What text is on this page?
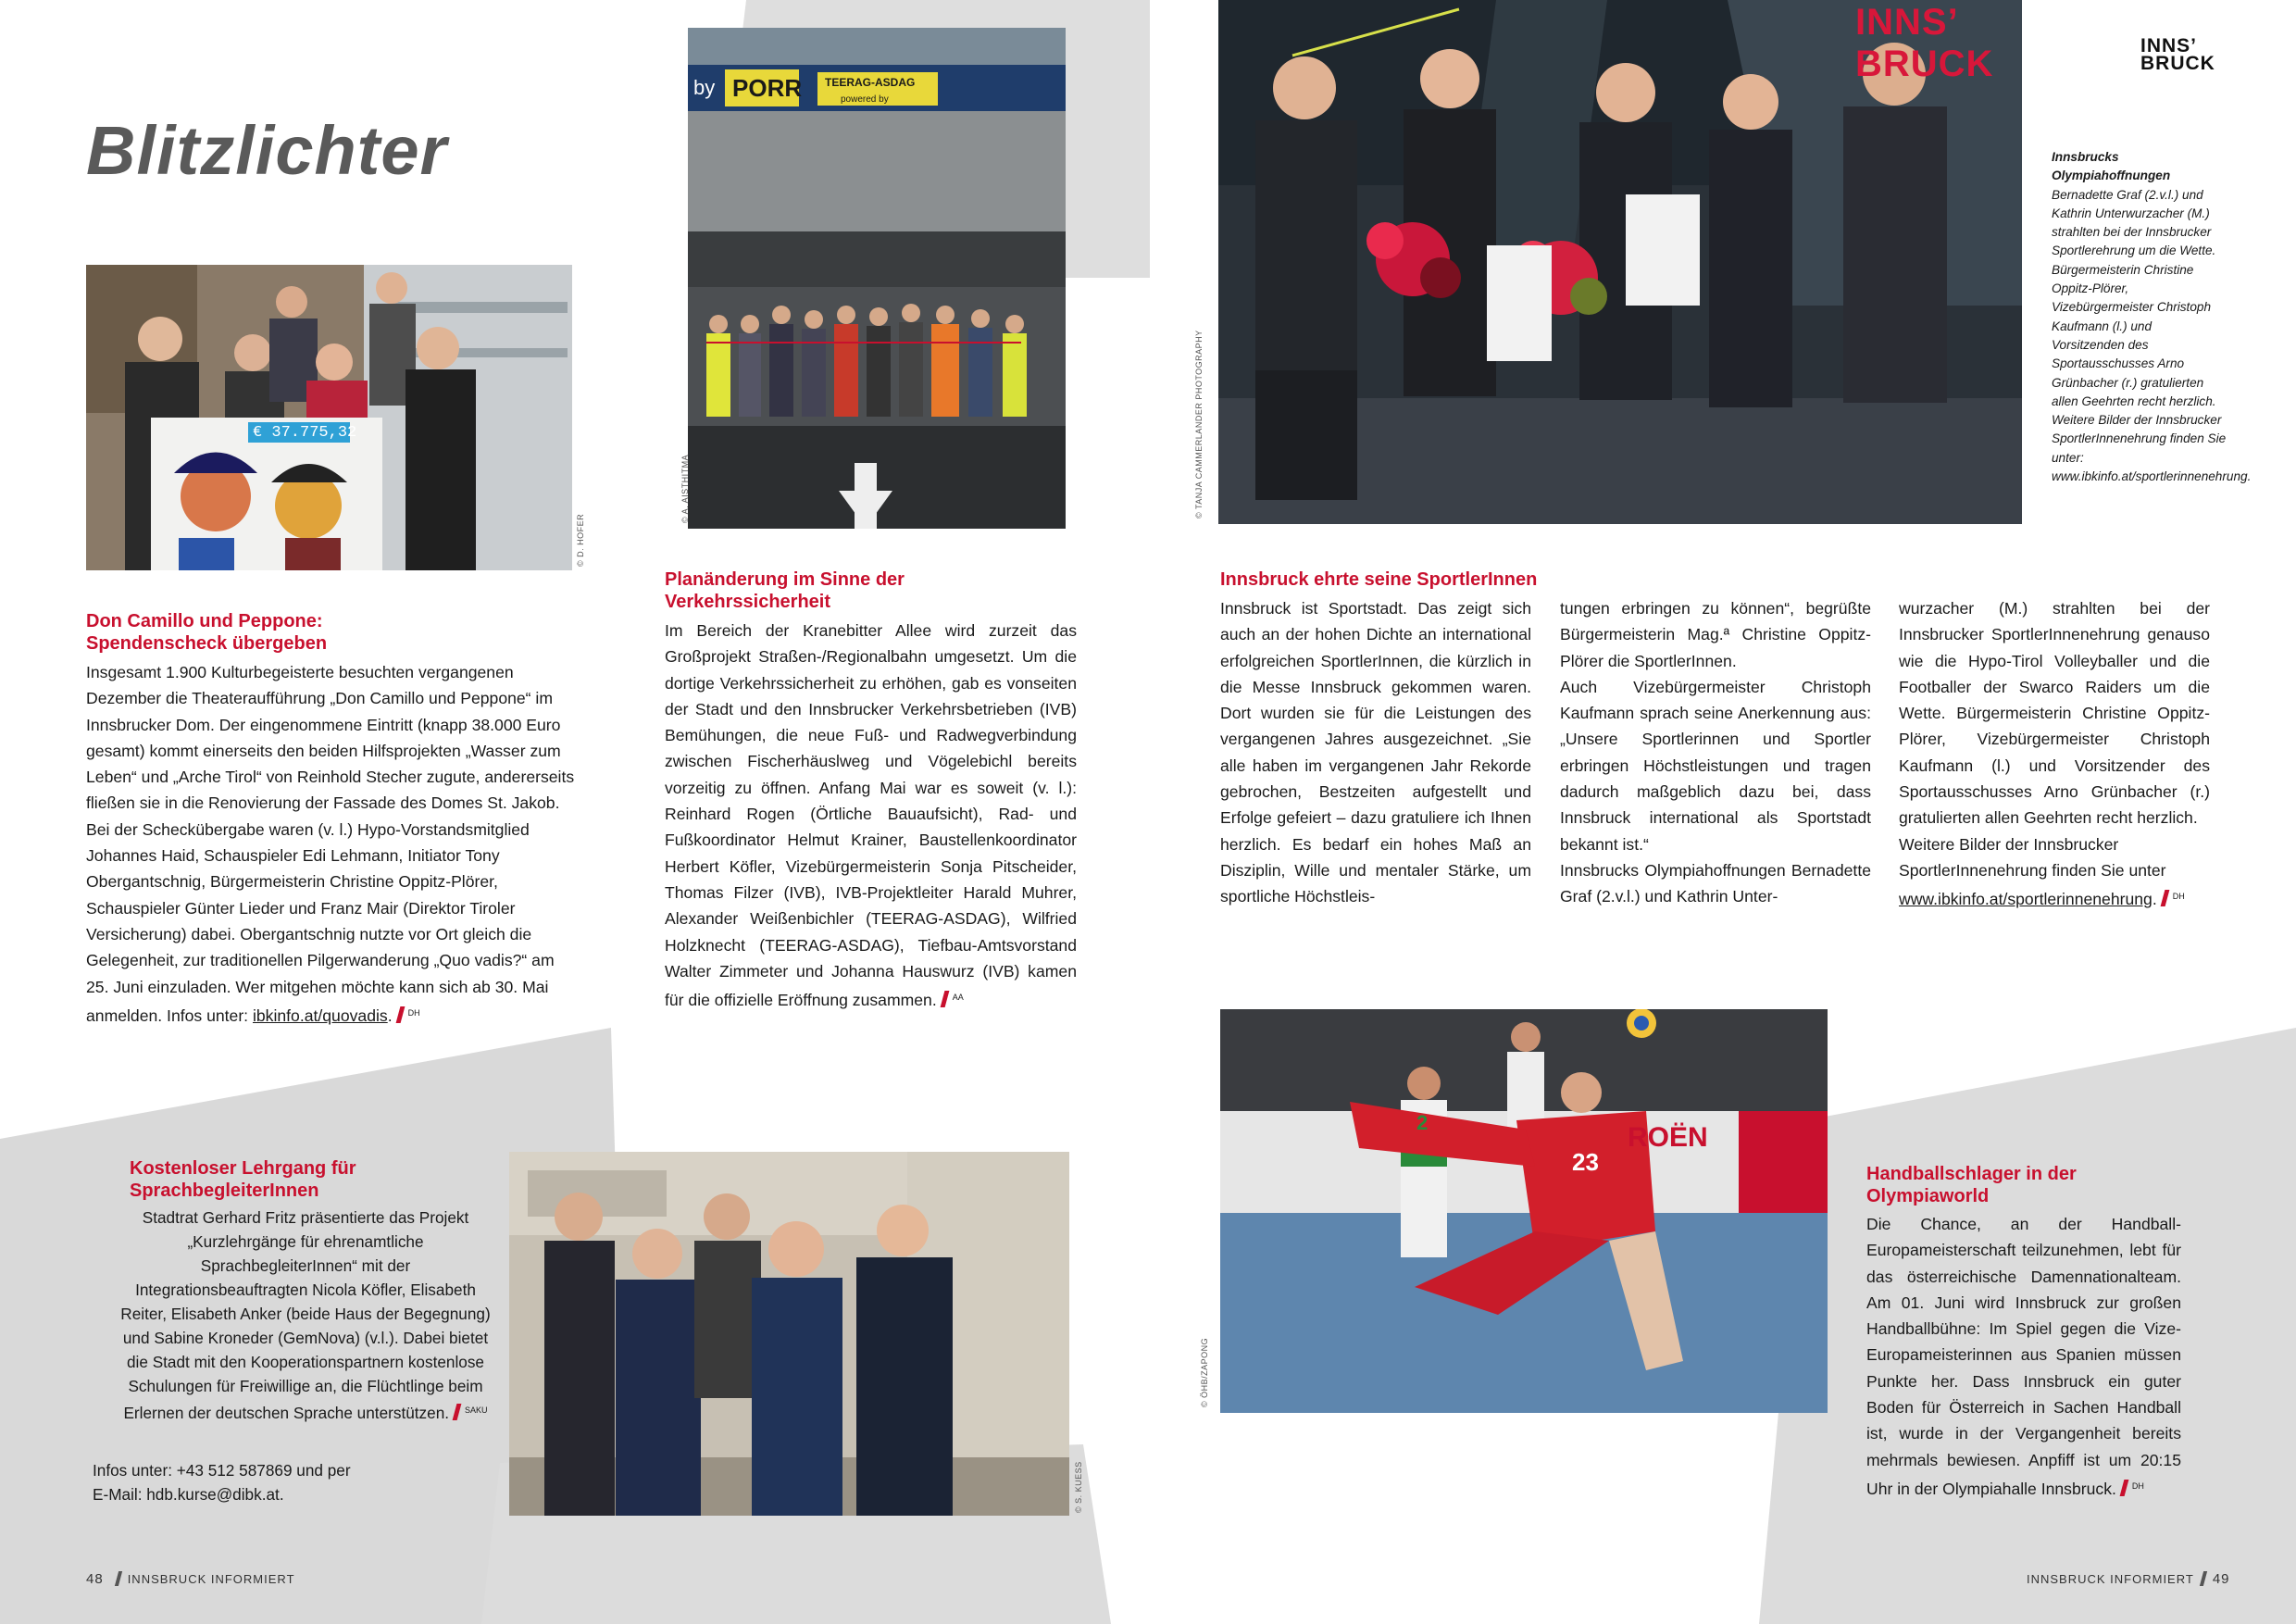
Blitzlichter
INNS’
BRUCK
€ 37.775,32
© D. HOFER
PORR TEERAG-ASDAG
powered by
by
© A. AISTHITMA
INNS’ BRUCK
© TANJA CAMMERLANDER PHOTOGRAPHY
Innsbrucks Olympiahoffnungen Bernadette Graf (2.v.l.) und Kathrin Unterwurzacher (M.) strahlten bei der Innsbrucker Sportlerehrung um die Wette. Bürgermeisterin Christine Oppitz-Plörer, Vizebürgermeister Christoph Kaufmann (l.) und Vorsitzenden des Sportausschusses Arno Grünbacher (r.) gratulierten allen Geehrten recht herzlich. Weitere Bilder der Innsbrucker SportlerInnenehrung finden Sie unter: www.ibkinfo.at/sportlerinnenehrung.
© S. KUESS
ROËN
23
2
© ÖHB/ZAPONG
Don Camillo und Peppone: Spendenscheck übergeben
Insgesamt 1.900 Kulturbegeisterte besuchten vergangenen Dezember die Theateraufführung „Don Camillo und Peppone“ im Innsbrucker Dom. Der eingenommene Eintritt (knapp 38.000 Euro gesamt) kommt einerseits den beiden Hilfsprojekten „Wasser zum Leben“ und „Arche Tirol“ von Reinhold Stecher zugute, andererseits fließen sie in die Renovierung der Fassade des Domes St. Jakob. Bei der Scheckübergabe waren (v. l.) Hypo-Vorstandsmitglied Johannes Haid, Schauspieler Edi Lehmann, Initiator Tony Obergantschnig, Bürgermeisterin Christine Oppitz-Plörer, Schauspieler Günter Lieder und Franz Mair (Direktor Tiroler Versicherung) dabei. Obergantschnig nutzte vor Ort gleich die Gelegenheit, zur traditionellen Pilgerwanderung „Quo vadis?“ am 25. Juni einzuladen. Wer mitgehen möchte kann sich ab 30. Mai anmelden. Infos unter: ibkinfo.at/quovadis. $^{DH}$
Planänderung im Sinne der Verkehrssicherheit
Im Bereich der Kranebitter Allee wird zurzeit das Großprojekt Straßen-/Regionalbahn umgesetzt. Um die dortige Verkehrssicherheit zu erhöhen, gab es vonseiten der Stadt und den Innsbrucker Verkehrsbetrieben (IVB) Bemühungen, die neue Fuß- und Radwegverbindung zwischen Fischerhäuslweg und Vögelebichl bereits vorzeitig zu öffnen. Anfang Mai war es soweit (v. l.): Reinhard Rogen (Örtliche Bauaufsicht), Rad- und Fußkoordinator Helmut Krainer, Baustellenkoordinator Herbert Köfler, Vizebürgermeisterin Sonja Pitscheider, Thomas Filzer (IVB), IVB-Projektleiter Harald Muhrer, Alexander Weißenbichler (TEERAG-ASDAG), Wilfried Holzknecht (TEERAG-ASDAG), Tiefbau-Amtsvorstand Walter Zimmeter und Johanna Hauswurz (IVB) kamen für die offizielle Eröffnung zusammen. $^{AA}$
Innsbruck ehrte seine SportlerInnen
Innsbruck ist Sportstadt. Das zeigt sich auch an der hohen Dichte an international erfolgreichen SportlerInnen, die kürzlich in die Messe Innsbruck gekommen waren. Dort wurden sie für die Leistungen des vergangenen Jahres ausgezeichnet. „Sie alle haben im vergangenen Jahr Rekorde gebrochen, Bestzeiten aufgestellt und Erfolge gefeiert – dazu gratuliere ich Ihnen herzlich. Es bedarf ein hohes Maß an Disziplin, Wille und mentaler Stärke, um sportliche Höchstleis-

tungen erbringen zu können“, begrüßte Bürgermeisterin Mag.ª Christine Oppitz-Plörer die SportlerInnen.

Auch Vizebürgermeister Christoph Kaufmann sprach seine Anerkennung aus: „Unsere Sportlerinnen und Sportler erbringen Höchstleistungen und tragen dadurch maßgeblich dazu bei, dass Innsbruck international als Sportstadt bekannt ist.“

Innsbrucks Olympiahoffnungen Bernadette Graf (2.v.l.) und Kathrin Unter-

wurzacher (M.) strahlten bei der Innsbrucker SportlerInnenehrung genauso wie die Hypo-Tirol Volleyballer und die Footballer der Swarco Raiders um die Wette. Bürgermeisterin Christine Oppitz-Plörer, Vizebürgermeister Christoph Kaufmann (l.) und Vorsitzender des Sportausschusses Arno Grünbacher (r.) gratulierten allen Geehrten recht herzlich.

Weitere Bilder der Innsbrucker SportlerInnenehrung finden Sie unter www.ibkinfo.at/sportlerinnenehrung. $^{DH}$

Kostenloser Lehrgang für SprachbegleiterInnen
Stadtrat Gerhard Fritz präsentierte das Projekt „Kurzlehrgänge für ehrenamtliche SprachbegleiterInnen“ mit der Integrationsbeauftragten Nicola Köfler, Elisabeth Reiter, Elisabeth Anker (beide Haus der Begegnung) und Sabine Kroneder (GemNova) (v.l.). Dabei bietet die Stadt mit den Kooperationspartnern kostenlose Schulungen für Freiwillige an, die Flüchtlinge beim Erlernen der deutschen Sprache unterstützen. $^{SAKU}$
Infos unter: +43 512 587869 und per E-Mail: hdb.kurse@dibk.at.
Handballschlager in der Olympiaworld
Die Chance, an der Handball-Europameisterschaft teilzunehmen, lebt für das österreichische Damennationalteam. Am 01. Juni wird Innsbruck zur großen Handballbühne: Im Spiel gegen die Vize-Europameisterinnen aus Spanien müssen Punkte her. Dass Innsbruck ein guter Boden für Österreich in Sachen Handball ist, wurde in der Vergangenheit bereits mehrmals bewiesen. Anpfiff ist um 20:15 Uhr in der Olympiahalle Innsbruck. $^{DH}$
48 INNSBRUCK INFORMIERT	INNSBRUCK INFORMIERT 49
